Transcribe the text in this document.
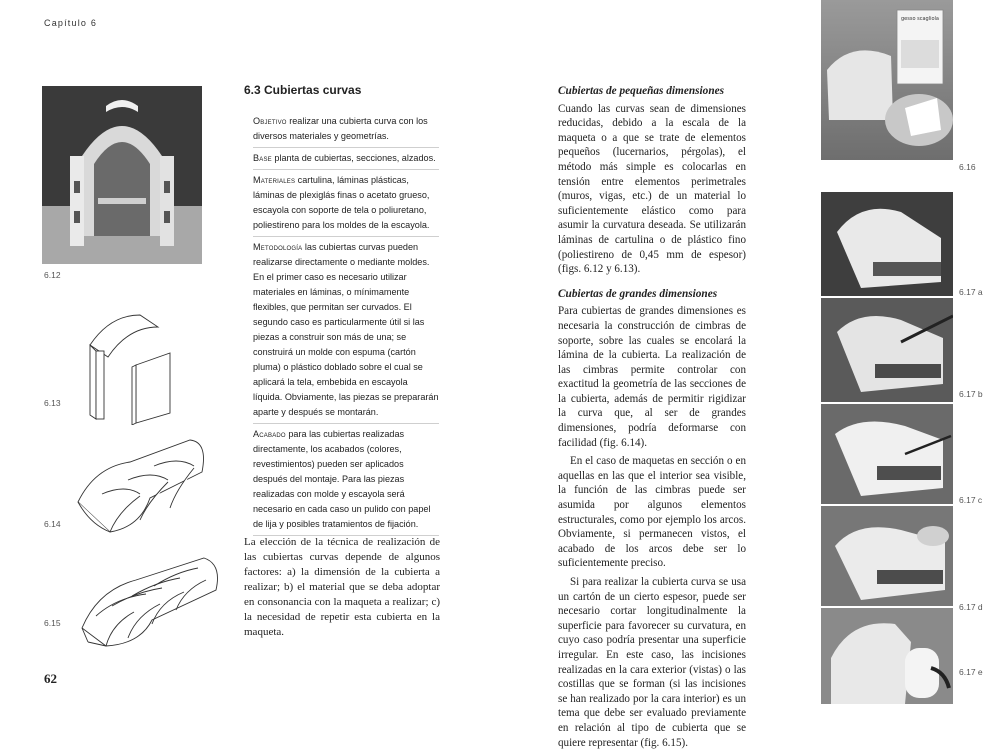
Capítulo 6
6.12
6.13
6.14
6.15
62
6.3 Cubiertas curvas
Objetivo realizar una cubierta curva con los diversos materiales y geometrías.
Base planta de cubiertas, secciones, alzados.
Materiales cartulina, láminas plásticas, láminas de plexiglás finas o acetato grueso, escayola con soporte de tela o poliuretano, poliestireno para los moldes de la escayola.
Metodología las cubiertas curvas pueden realizarse directamente o mediante moldes. En el primer caso es necesario utilizar materiales en láminas, o mínimamente flexibles, que permitan ser curvados. El segundo caso es particularmente útil si las piezas a construir son más de una; se construirá un molde con espuma (cartón pluma) o plástico doblado sobre el cual se aplicará la tela, embebida en escayola líquida. Obviamente, las piezas se prepararán aparte y después se montarán.
Acabado para las cubiertas realizadas directamente, los acabados (colores, revestimientos) pueden ser aplicados después del montaje. Para las piezas realizadas con molde y escayola será necesario en cada caso un pulido con papel de lija y posibles tratamientos de fijación.
La elección de la técnica de realización de las cubiertas curvas depende de algunos factores: a) la dimensión de la cubierta a realizar; b) el material que se deba adoptar en consonancia con la maqueta a realizar; c) la necesidad de repetir esta cubierta en la maqueta.

Cubiertas de pequeñas dimensiones

Cuando las curvas sean de dimensiones reducidas, debido a la escala de la maqueta o a que se trate de elementos pequeños (lucernarios, pérgolas), el método más simple es colocarlas en tensión entre elementos perimetrales (muros, vigas, etc.) de un material lo suficientemente elástico como para asumir la curvatura deseada. Se utilizarán láminas de cartulina o de plástico fino (poliestireno de 0,45 mm de espesor) (figs. 6.12 y 6.13).

Cubiertas de grandes dimensiones

Para cubiertas de grandes dimensiones es necesaria la construcción de cimbras de soporte, sobre las cuales se encolará la lámina de la cubierta. La realización de las cimbras permite controlar con exactitud la geometría de las secciones de la cubierta, además de permitir rigidizar la curva que, al ser de grandes dimensiones, podría deformarse con facilidad (fig. 6.14).

En el caso de maquetas en sección o en aquellas en las que el interior sea visible, la función de las cimbras puede ser asumida por algunos elementos estructurales, como por ejemplo los arcos. Obviamente, si permanecen vistos, el acabado de los arcos debe ser lo suficientemente preciso.

Si para realizar la cubierta curva se usa un cartón de un cierto espesor, puede ser necesario cortar longitudinalmente la superficie para favorecer su curvatura, en cuyo caso podría presentar una superficie irregular. En este caso, las incisiones realizadas en la cara exterior (vistas) o las costillas que se forman (si las incisiones se han realizado por la cara interior) es un tema que debe ser evaluado previamente en relación al tipo de cubierta que se quiere representar (fig. 6.15).

gesso scagliola
6.16
6.17 a
6.17 b
6.17 c
6.17 d
6.17 e
